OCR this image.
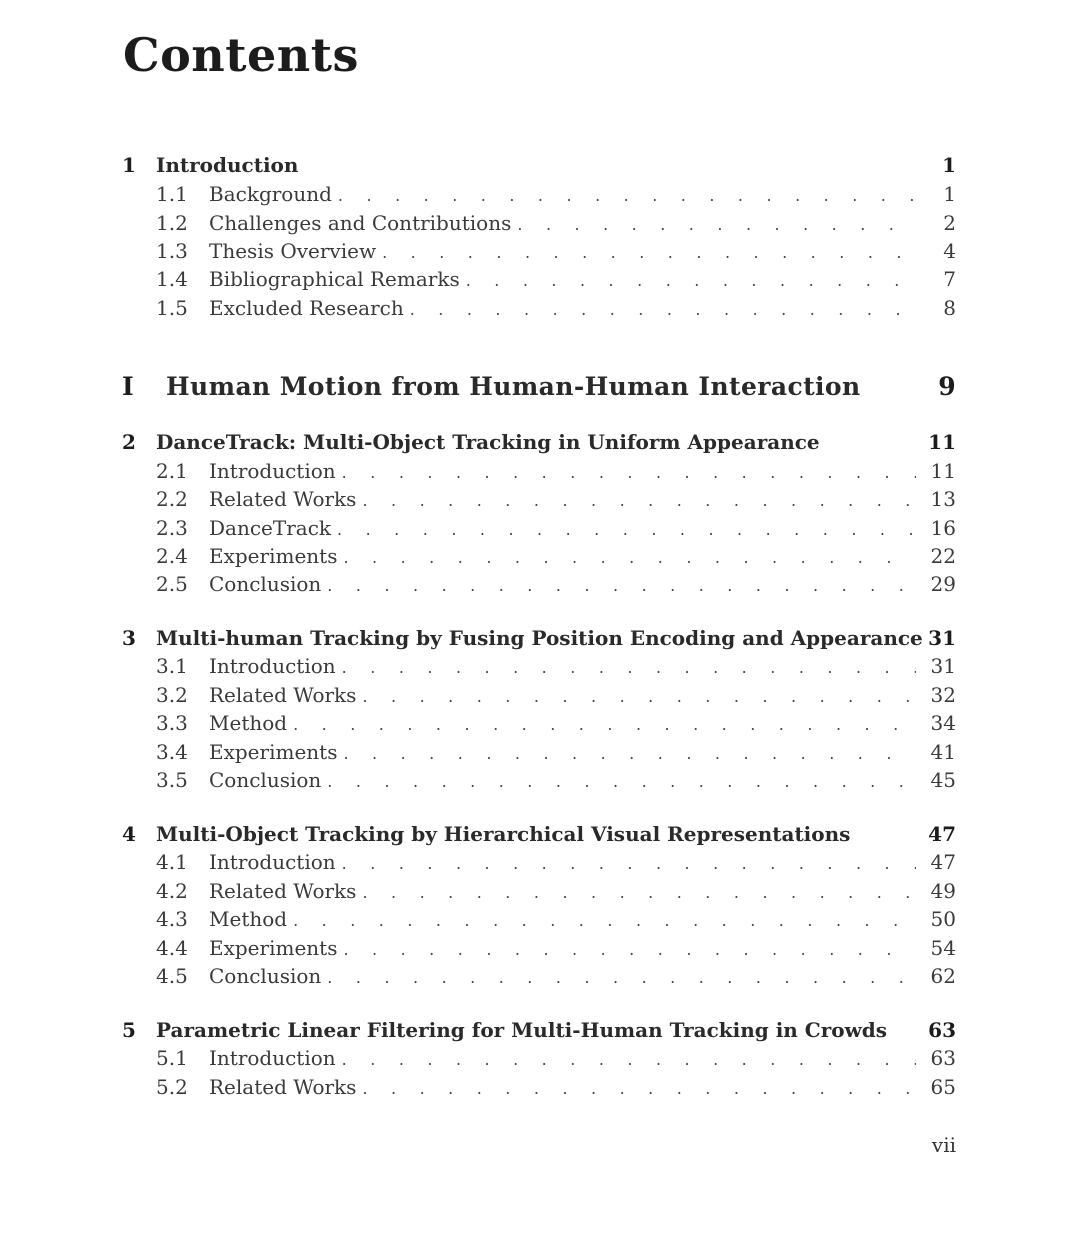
Contents
1	Introduction	1
1.1	Background . . .	1
1.2	Challenges and Contributions . . .	2
1.3	Thesis Overview . . .	4
1.4	Bibliographical Remarks . . .	7
1.5	Excluded Research . . .	8
I	Human Motion from Human-Human Interaction	9
2	DanceTrack: Multi-Object Tracking in Uniform Appearance	11
2.1	Introduction . . .	11
2.2	Related Works . . .	13
2.3	DanceTrack . . .	16
2.4	Experiments . . .	22
2.5	Conclusion . . .	29
3	Multi-human Tracking by Fusing Position Encoding and Appearance 31
3.1	Introduction . . .	31
3.2	Related Works . . .	32
3.3	Method . . .	34
3.4	Experiments . . .	41
3.5	Conclusion . . .	45
4	Multi-Object Tracking by Hierarchical Visual Representations	47
4.1	Introduction . . .	47
4.2	Related Works . . .	49
4.3	Method . . .	50
4.4	Experiments . . .	54
4.5	Conclusion . . .	62
5	Parametric Linear Filtering for Multi-Human Tracking in Crowds 63
5.1	Introduction . . .	63
5.2	Related Works . . .	65
vii
